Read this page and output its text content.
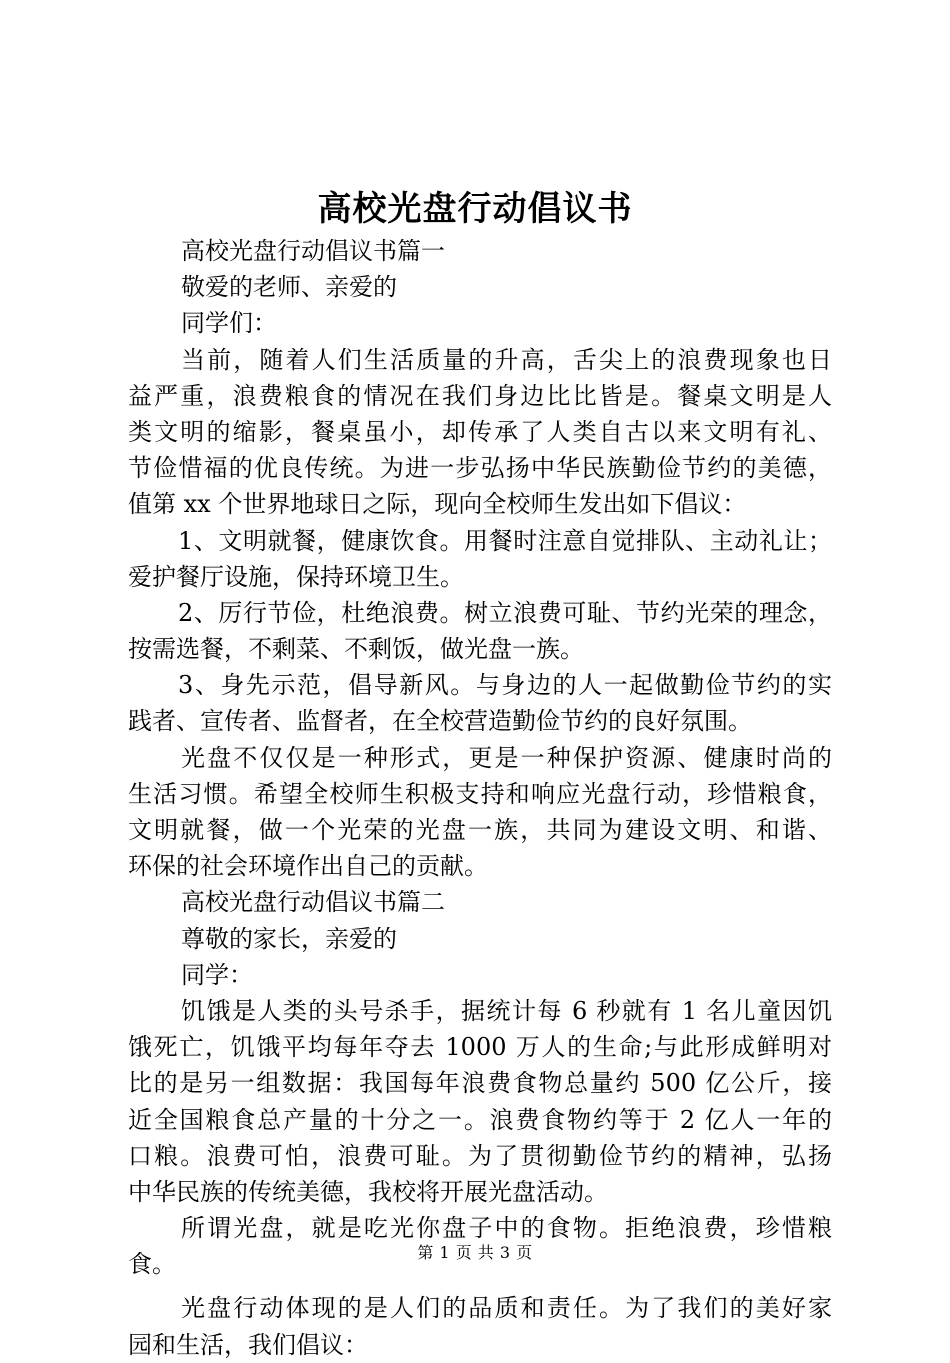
高校光盘行动倡议书
高校光盘行动倡议书篇一
敬爱的老师、亲爱的
同学们：
当前，随着人们生活质量的升高，舌尖上的浪费现象也日
益严重，浪费粮食的情况在我们身边比比皆是。餐桌文明是人
类文明的缩影，餐桌虽小，却传承了人类自古以来文明有礼、
节俭惜福的优良传统。为进一步弘扬中华民族勤俭节约的美德，
值第 xx 个世界地球日之际，现向全校师生发出如下倡议：
1、文明就餐，健康饮食。用餐时注意自觉排队、主动礼让；
爱护餐厅设施，保持环境卫生。
2、厉行节俭，杜绝浪费。树立浪费可耻、节约光荣的理念，
按需选餐，不剩菜、不剩饭，做光盘一族。
3、身先示范，倡导新风。与身边的人一起做勤俭节约的实
践者、宣传者、监督者，在全校营造勤俭节约的良好氛围。
光盘不仅仅是一种形式，更是一种保护资源、健康时尚的
生活习惯。希望全校师生积极支持和响应光盘行动，珍惜粮食，
文明就餐，做一个光荣的光盘一族，共同为建设文明、和谐、
环保的社会环境作出自己的贡献。
高校光盘行动倡议书篇二
尊敬的家长，亲爱的
同学：
饥饿是人类的头号杀手，据统计每 6 秒就有 1 名儿童因饥
饿死亡，饥饿平均每年夺去 1000 万人的生命;与此形成鲜明对
比的是另一组数据：我国每年浪费食物总量约 500 亿公斤，接
近全国粮食总产量的十分之一。浪费食物约等于 2 亿人一年的
口粮。浪费可怕，浪费可耻。为了贯彻勤俭节约的精神，弘扬
中华民族的传统美德，我校将开展光盘活动。
所谓光盘，就是吃光你盘子中的食物。拒绝浪费，珍惜粮
食。
光盘行动体现的是人们的品质和责任。为了我们的美好家
园和生活，我们倡议：
第 1 页 共 3 页
